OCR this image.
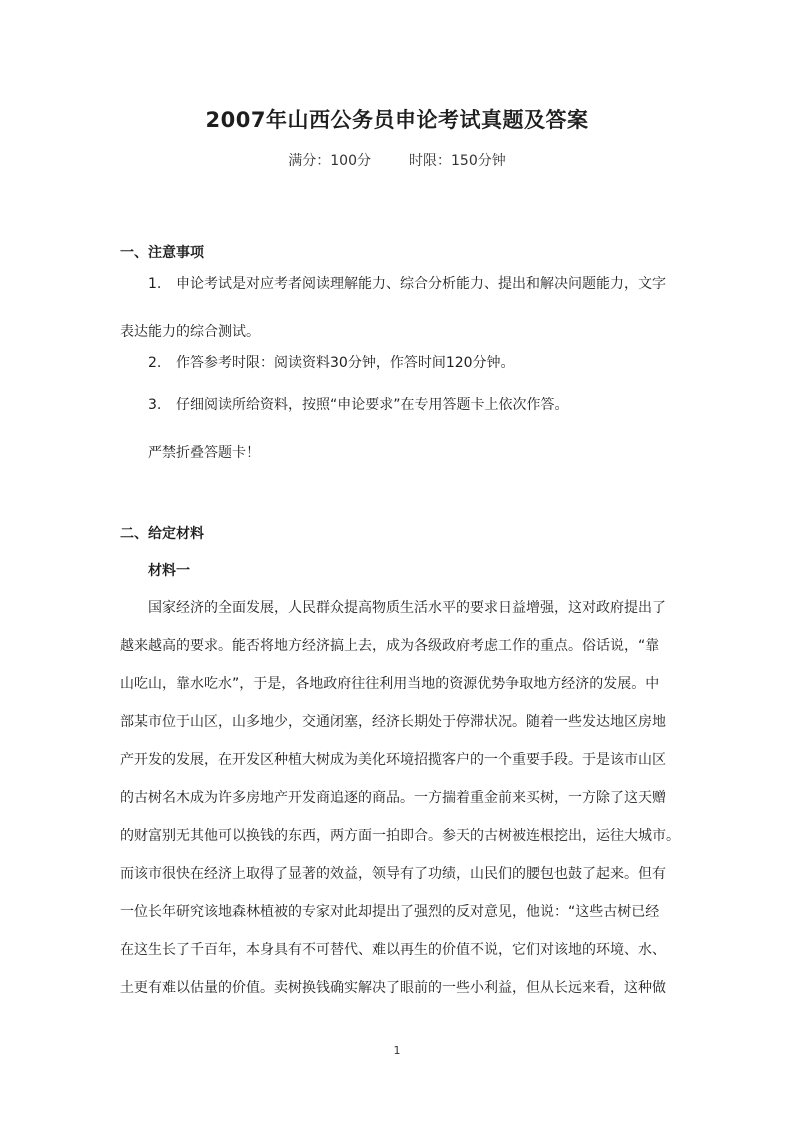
2007年山西公务员申论考试真题及答案
满分：100分	时限：150分钟
一、注意事项
1. 申论考试是对应考者阅读理解能力、综合分析能力、提出和解决问题能力，文字
表达能力的综合测试。
2. 作答参考时限：阅读资料30分钟，作答时间120分钟。
3. 仔细阅读所给资料，按照“申论要求”在专用答题卡上依次作答。
严禁折叠答题卡！
二、给定材料
材料一
国家经济的全面发展，人民群众提高物质生活水平的要求日益增强，这对政府提出了
越来越高的要求。能否将地方经济搞上去，成为各级政府考虑工作的重点。俗话说，“靠
山吃山，靠水吃水”，于是，各地政府往往利用当地的资源优势争取地方经济的发展。中
部某市位于山区，山多地少，交通闭塞，经济长期处于停滞状况。随着一些发达地区房地
产开发的发展，在开发区种植大树成为美化环境招揽客户的一个重要手段。于是该市山区
的古树名木成为许多房地产开发商追逐的商品。一方揣着重金前来买树，一方除了这天赠
的财富别无其他可以换钱的东西，两方面一拍即合。参天的古树被连根挖出，运往大城市。
而该市很快在经济上取得了显著的效益，领导有了功绩，山民们的腰包也鼓了起来。但有
一位长年研究该地森林植被的专家对此却提出了强烈的反对意见，他说：“这些古树已经
在这生长了千百年，本身具有不可替代、难以再生的价值不说，它们对该地的环境、水、
土更有难以估量的价值。卖树换钱确实解决了眼前的一些小利益，但从长远来看，这种做
1
